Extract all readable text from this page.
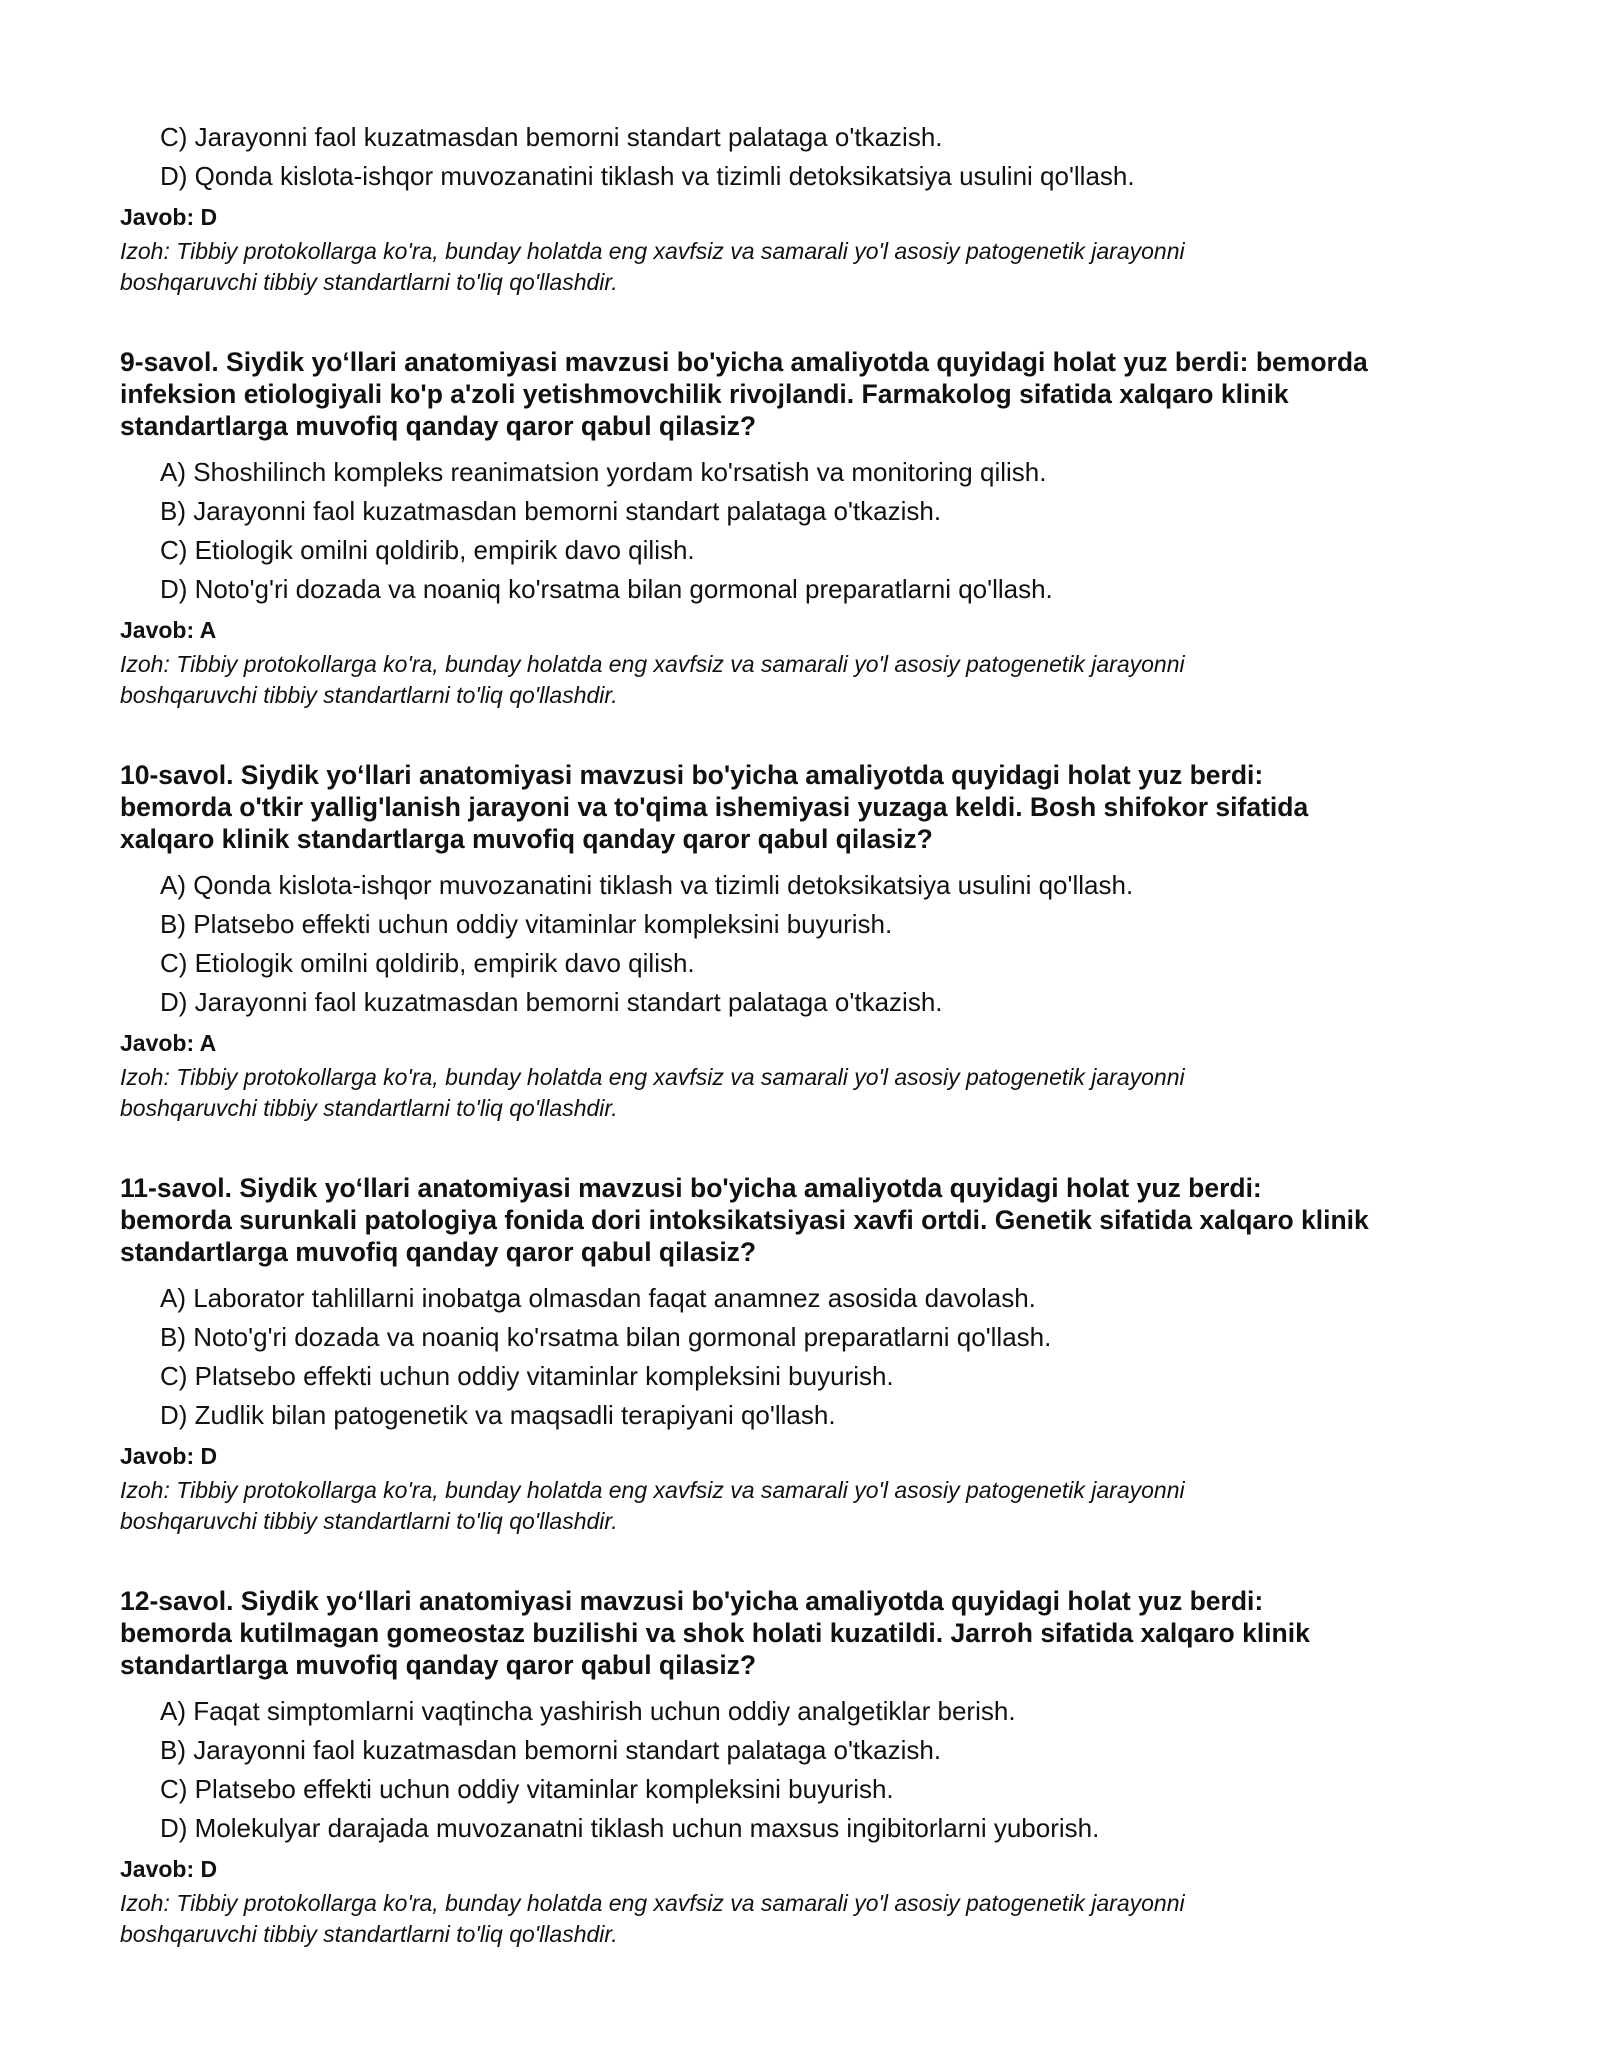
C) Jarayonni faol kuzatmasdan bemorni standart palataga o'tkazish.
D) Qonda kislota-ishqor muvozanatini tiklash va tizimli detoksikatsiya usulini qo'llash.
Javob: D
Izoh: Tibbiy protokollarga ko'ra, bunday holatda eng xavfsiz va samarali yo'l asosiy patogenetik jarayonni
boshqaruvchi tibbiy standartlarni to'liq qo'llashdir.
9-savol. Siydik yo‘llari anatomiyasi mavzusi bo'yicha amaliyotda quyidagi holat yuz berdi: bemorda
infeksion etiologiyali ko'p a'zoli yetishmovchilik rivojlandi. Farmakolog sifatida xalqaro klinik
standartlarga muvofiq qanday qaror qabul qilasiz?
A) Shoshilinch kompleks reanimatsion yordam ko'rsatish va monitoring qilish.
B) Jarayonni faol kuzatmasdan bemorni standart palataga o'tkazish.
C) Etiologik omilni qoldirib, empirik davo qilish.
D) Noto'g'ri dozada va noaniq ko'rsatma bilan gormonal preparatlarni qo'llash.
Javob: A
Izoh: Tibbiy protokollarga ko'ra, bunday holatda eng xavfsiz va samarali yo'l asosiy patogenetik jarayonni
boshqaruvchi tibbiy standartlarni to'liq qo'llashdir.
10-savol. Siydik yo‘llari anatomiyasi mavzusi bo'yicha amaliyotda quyidagi holat yuz berdi:
bemorda o'tkir yallig'lanish jarayoni va to'qima ishemiyasi yuzaga keldi. Bosh shifokor sifatida
xalqaro klinik standartlarga muvofiq qanday qaror qabul qilasiz?
A) Qonda kislota-ishqor muvozanatini tiklash va tizimli detoksikatsiya usulini qo'llash.
B) Platsebo effekti uchun oddiy vitaminlar kompleksini buyurish.
C) Etiologik omilni qoldirib, empirik davo qilish.
D) Jarayonni faol kuzatmasdan bemorni standart palataga o'tkazish.
Javob: A
Izoh: Tibbiy protokollarga ko'ra, bunday holatda eng xavfsiz va samarali yo'l asosiy patogenetik jarayonni
boshqaruvchi tibbiy standartlarni to'liq qo'llashdir.
11-savol. Siydik yo‘llari anatomiyasi mavzusi bo'yicha amaliyotda quyidagi holat yuz berdi:
bemorda surunkali patologiya fonida dori intoksikatsiyasi xavfi ortdi. Genetik sifatida xalqaro klinik
standartlarga muvofiq qanday qaror qabul qilasiz?
A) Laborator tahlillarni inobatga olmasdan faqat anamnez asosida davolash.
B) Noto'g'ri dozada va noaniq ko'rsatma bilan gormonal preparatlarni qo'llash.
C) Platsebo effekti uchun oddiy vitaminlar kompleksini buyurish.
D) Zudlik bilan patogenetik va maqsadli terapiyani qo'llash.
Javob: D
Izoh: Tibbiy protokollarga ko'ra, bunday holatda eng xavfsiz va samarali yo'l asosiy patogenetik jarayonni
boshqaruvchi tibbiy standartlarni to'liq qo'llashdir.
12-savol. Siydik yo‘llari anatomiyasi mavzusi bo'yicha amaliyotda quyidagi holat yuz berdi:
bemorda kutilmagan gomeostaz buzilishi va shok holati kuzatildi. Jarroh sifatida xalqaro klinik
standartlarga muvofiq qanday qaror qabul qilasiz?
A) Faqat simptomlarni vaqtincha yashirish uchun oddiy analgetiklar berish.
B) Jarayonni faol kuzatmasdan bemorni standart palataga o'tkazish.
C) Platsebo effekti uchun oddiy vitaminlar kompleksini buyurish.
D) Molekulyar darajada muvozanatni tiklash uchun maxsus ingibitorlarni yuborish.
Javob: D
Izoh: Tibbiy protokollarga ko'ra, bunday holatda eng xavfsiz va samarali yo'l asosiy patogenetik jarayonni
boshqaruvchi tibbiy standartlarni to'liq qo'llashdir.
